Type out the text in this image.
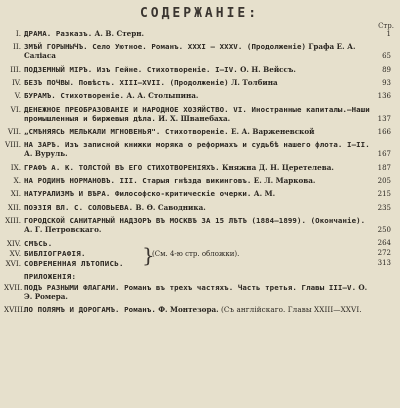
СОДЕРЖАНIЕ:
Стр.
I. ДРАМА. Разказъ. А. В. Стерн.	1
II. ЗМѢЙ ГОРЫНЫЧЪ. Село Уютное. Романъ. XXXI — XXXV. (Продолженiе) Графа Е. А. Саліаса	65
III. ПОДЗЕМНЫЙ МIРЪ. Изъ Гейне. Стихотворенiе. I—IV. О. Н. Вейссъ.	89
IV. БЕЗЪ ПОЧВЫ. Повѣсть. XIII—XVII. (Продолженiе) Л. Толбина	93
V. БУРАМЪ. Стихотворенiе. А. А. Столыпина.	136
VI. ДЕНЕЖНОЕ ПРЕОБРАЗОВАНIЕ И НАРОДНОЕ ХОЗЯЙСТВО. VI. Иностранные капиталы.—Наши промышленныя и биржевыя дѣла. И. Х. Шванебаха.	137
VII. „СМѢНЯЯСЬ МЕЛЬКАЛИ МГНОВЕНЬЯ". Стихотворенiе. Е. А. Варженевской	166
VIII. НА ЗАРѢ. Изъ записной книжки моряка о реформахъ и судьбѣ нашего флота. I—II. А. Вуруль.	167
IX. ГРАФЪ А. К. ТОЛСТОЙ ВЪ ЕГО СТИХОТВОРЕНIЯХЪ. Княжна Д. Н. Церетелева.	187
X. НА РОДИНѢ НОРМАНОВЪ. III. Старыя гнѣзда викинговъ. Е. Л. Маркова.	205
XI. НАТУРАЛИЗМЪ И ВѢРА. Философско-критическiе очерки. А. М.	215
XII. ПОЭЗIЯ ВЛ. С. СОЛОВЬЕВА. В. Ѳ. Саводника.	235
XIII. ГОРОДСКОЙ САНИТАРНЫЙ НАДЗОРЪ ВЪ МОСКВѢ ЗА 15 ЛѢТЪ (1884—1899). (Окончанiе). А. Г. Петровскаго.	250
XIV. СМѢСЬ.	264
XV. БИБЛIОГРАФIЯ.	272
XVI. СОВРЕМЕННАЯ ЛѢТОПИСЬ.	313
}
(См. 4-ю стр. обложки).
ПРИЛОЖЕНIЯ:
XVII. ПОДЪ РАЗНЫМИ ФЛАГАМИ. Романъ въ трехъ частяхъ. Часть третья. Главы III—V. О. Э. Ромера.
XVIII.
ПО ПОЛЯМЪ И ДОРОГАМЪ. Романъ. Ф. Монтезора. (Съ англiйскаго. Главы XXIII—XXVI.
